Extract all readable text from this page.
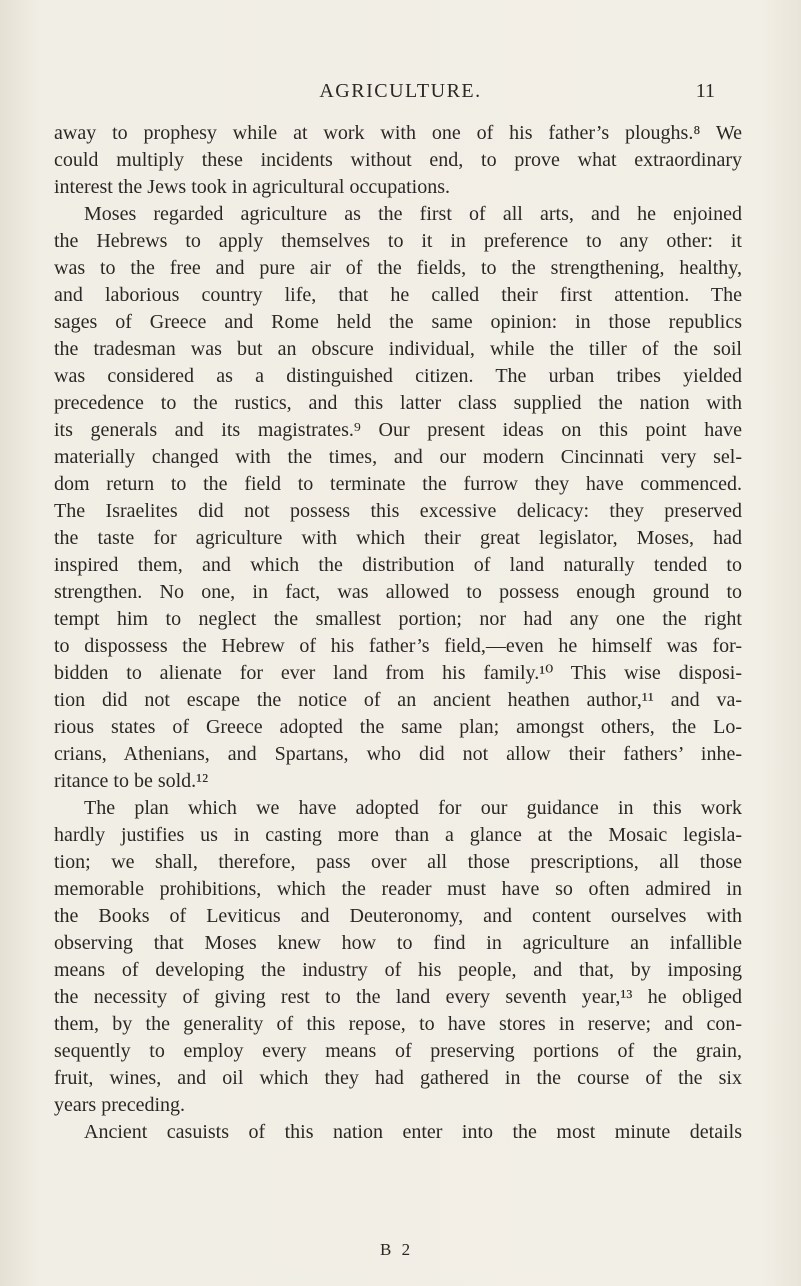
AGRICULTURE.	11
away to prophesy while at work with one of his father’s ploughs.⁸ We
could multiply these incidents without end, to prove what extraordinary
interest the Jews took in agricultural occupations.
Moses regarded agriculture as the first of all arts, and he enjoined
the Hebrews to apply themselves to it in preference to any other: it
was to the free and pure air of the fields, to the strengthening, healthy,
and laborious country life, that he called their first attention. The
sages of Greece and Rome held the same opinion: in those republics
the tradesman was but an obscure individual, while the tiller of the soil
was considered as a distinguished citizen. The urban tribes yielded
precedence to the rustics, and this latter class supplied the nation with
its generals and its magistrates.⁹ Our present ideas on this point have
materially changed with the times, and our modern Cincinnati very sel-
dom return to the field to terminate the furrow they have commenced.
The Israelites did not possess this excessive delicacy: they preserved
the taste for agriculture with which their great legislator, Moses, had
inspired them, and which the distribution of land naturally tended to
strengthen. No one, in fact, was allowed to possess enough ground to
tempt him to neglect the smallest portion; nor had any one the right
to dispossess the Hebrew of his father’s field,—even he himself was for-
bidden to alienate for ever land from his family.¹⁰ This wise disposi-
tion did not escape the notice of an ancient heathen author,¹¹ and va-
rious states of Greece adopted the same plan; amongst others, the Lo-
crians, Athenians, and Spartans, who did not allow their fathers’ inhe-
ritance to be sold.¹²
The plan which we have adopted for our guidance in this work
hardly justifies us in casting more than a glance at the Mosaic legisla-
tion; we shall, therefore, pass over all those prescriptions, all those
memorable prohibitions, which the reader must have so often admired in
the Books of Leviticus and Deuteronomy, and content ourselves with
observing that Moses knew how to find in agriculture an infallible
means of developing the industry of his people, and that, by imposing
the necessity of giving rest to the land every seventh year,¹³ he obliged
them, by the generality of this repose, to have stores in reserve; and con-
sequently to employ every means of preserving portions of the grain,
fruit, wines, and oil which they had gathered in the course of the six
years preceding.
Ancient casuists of this nation enter into the most minute details
B 2
